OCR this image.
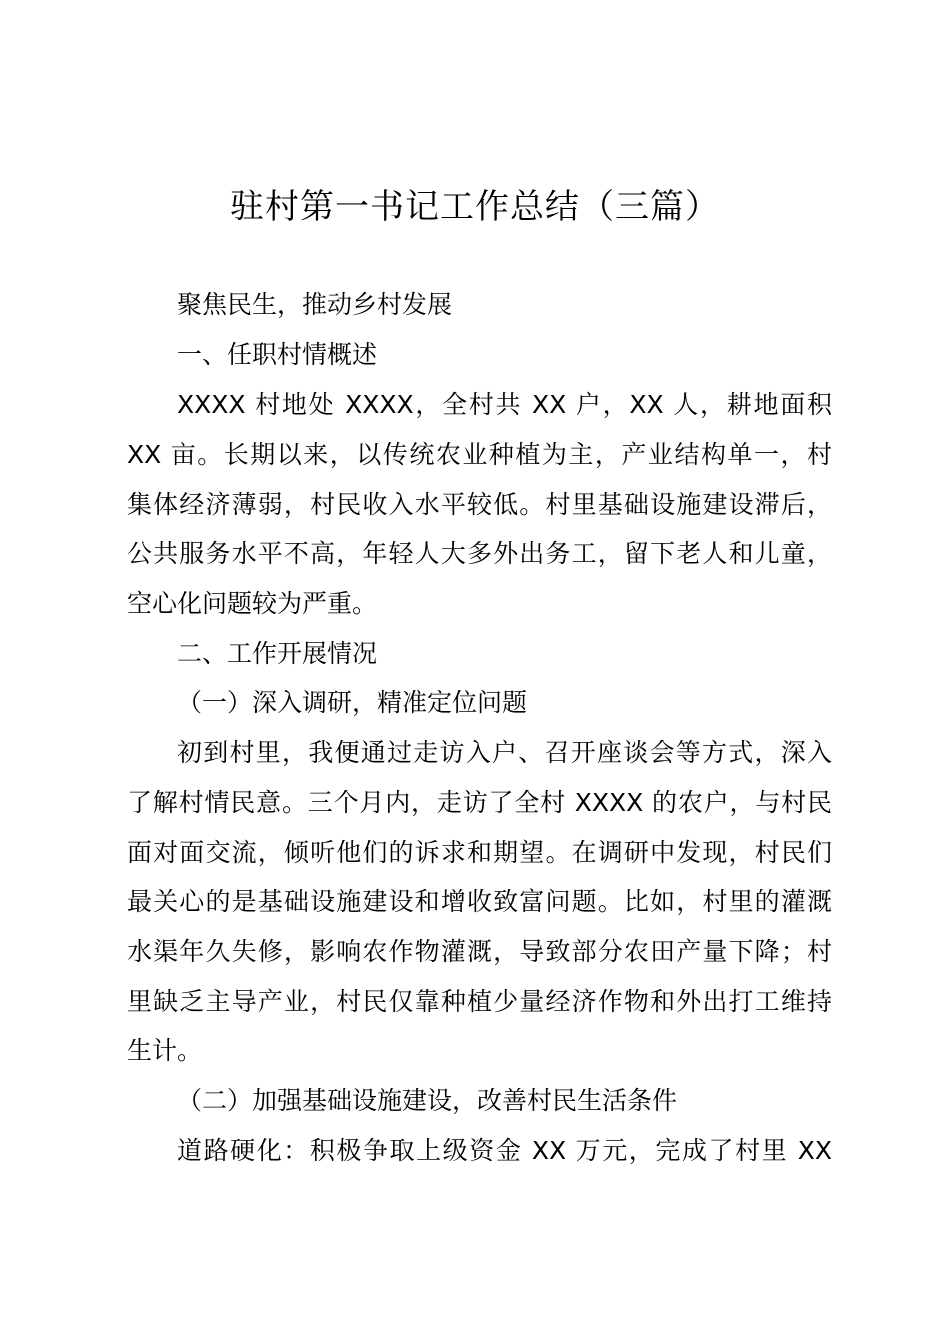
驻村第一书记工作总结（三篇）
聚焦民生，推动乡村发展
一、任职村情概述
XXXX 村地处 XXXX，全村共 XX 户，XX 人，耕地面积
XX 亩。长期以来，以传统农业种植为主，产业结构单一，村
集体经济薄弱，村民收入水平较低。村里基础设施建设滞后，
公共服务水平不高，年轻人大多外出务工，留下老人和儿童，
空心化问题较为严重。
二、工作开展情况
（一）深入调研，精准定位问题
初到村里，我便通过走访入户、召开座谈会等方式，深入
了解村情民意。三个月内，走访了全村 XXXX 的农户，与村民
面对面交流，倾听他们的诉求和期望。在调研中发现，村民们
最关心的是基础设施建设和增收致富问题。比如，村里的灌溉
水渠年久失修，影响农作物灌溉，导致部分农田产量下降；村
里缺乏主导产业，村民仅靠种植少量经济作物和外出打工维持
生计。
（二）加强基础设施建设，改善村民生活条件
道路硬化：积极争取上级资金 XX 万元，完成了村里 XX
